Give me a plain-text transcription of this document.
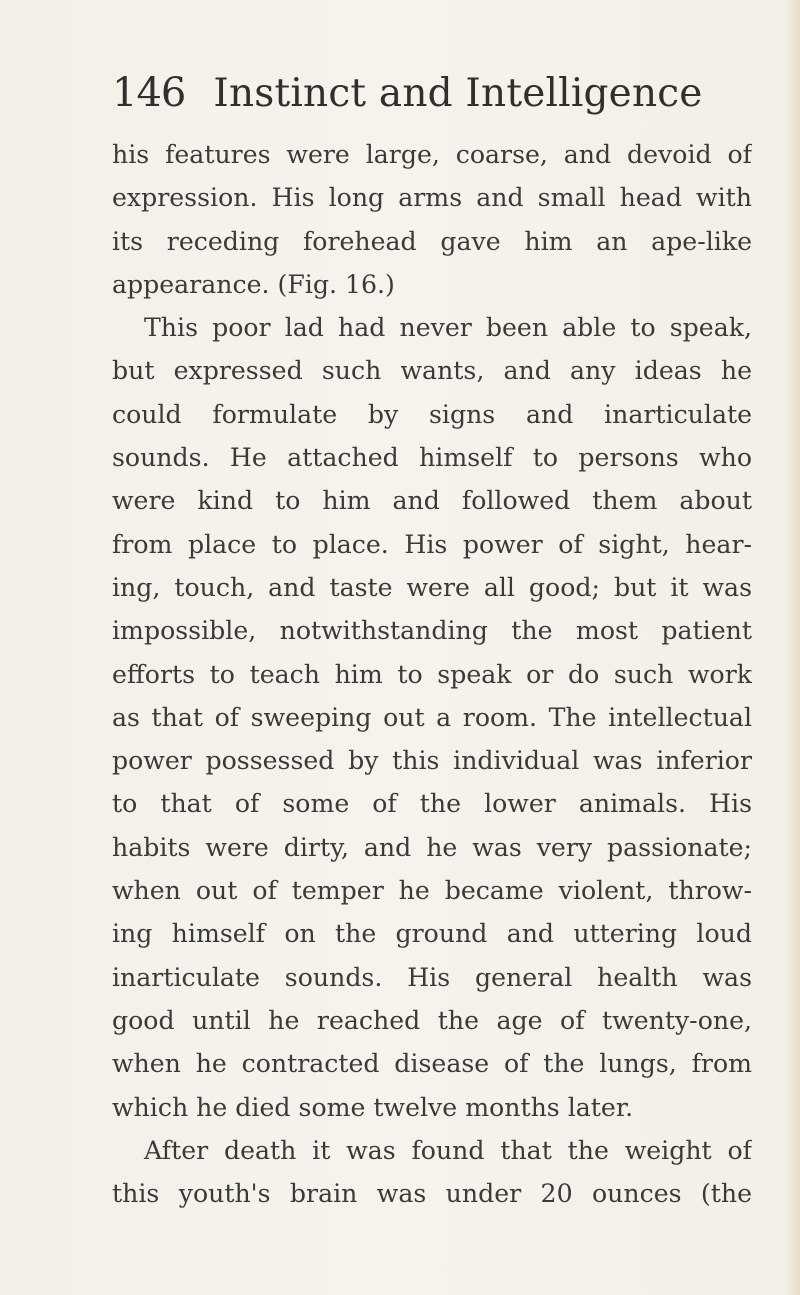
146 Instinct and Intelligence
his features were large, coarse, and devoid of
expression. His long arms and small head with
its receding forehead gave him an ape-like
appearance. (Fig. 16.)
This poor lad had never been able to speak,
but expressed such wants, and any ideas he
could formulate by signs and inarticulate
sounds. He attached himself to persons who
were kind to him and followed them about
from place to place. His power of sight, hear-
ing, touch, and taste were all good; but it was
impossible, notwithstanding the most patient
efforts to teach him to speak or do such work
as that of sweeping out a room. The intellectual
power possessed by this individual was inferior
to that of some of the lower animals. His
habits were dirty, and he was very passionate;
when out of temper he became violent, throw-
ing himself on the ground and uttering loud
inarticulate sounds. His general health was
good until he reached the age of twenty-one,
when he contracted disease of the lungs, from
which he died some twelve months later.
After death it was found that the weight of
this youth's brain was under 20 ounces (the
